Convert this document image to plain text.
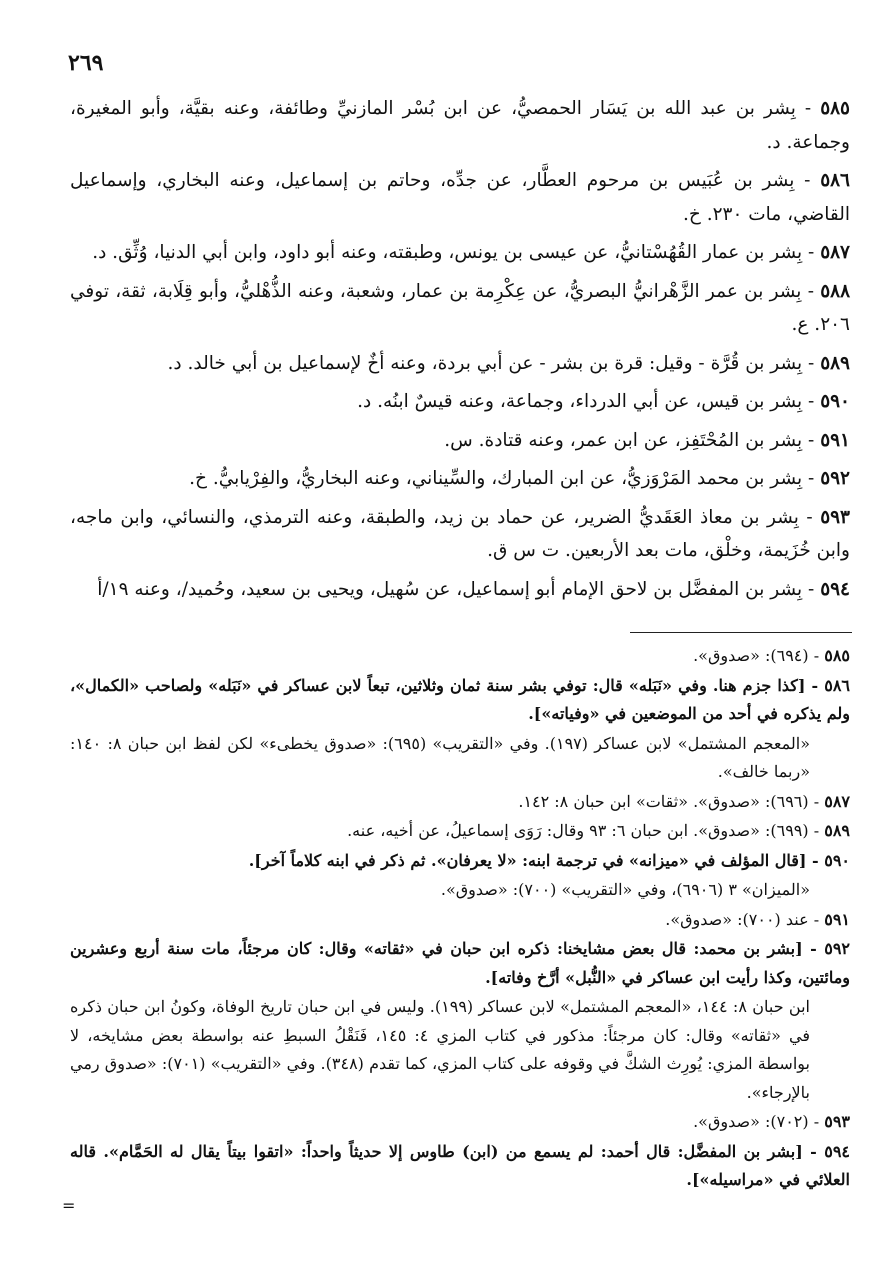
٢٦٩

٥٨٥ - بِشر بن عبد الله بن يَسَار الحمصيُّ، عن ابن بُسْر المازنيِّ وطائفة، وعنه بقيَّة، وأبو المغيرة، وجماعة. د.

٥٨٦ - بِشر بن عُبَيس بن مرحوم العطَّار، عن جدِّه، وحاتم بن إسماعيل، وعنه البخاري، وإسماعيل القاضي، مات ٢٣٠. خ.

٥٨٧ - بِشر بن عمار القُهُسْتانيُّ، عن عيسى بن يونس، وطبقته، وعنه أبو داود، وابن أبي الدنيا، وُثِّق. د.

٥٨٨ - بِشر بن عمر الزَّهْرانيُّ البصريُّ، عن عِكْرِمة بن عمار، وشعبة، وعنه الذُّهْليُّ، وأبو قِلَابة، ثقة، توفي ٢٠٦. ع.

٥٨٩ - بِشر بن قُرَّة - وقيل: قرة بن بشر - عن أبي بردة، وعنه أخٌ لإسماعيل بن أبي خالد. د.

٥٩٠ - بِشر بن قيس، عن أبي الدرداء، وجماعة، وعنه قيسٌ ابنُه. د.

٥٩١ - بِشر بن المُحْتَفِز، عن ابن عمر، وعنه قتادة. س.

٥٩٢ - بِشر بن محمد المَرْوَزيُّ، عن ابن المبارك، والسِّيناني، وعنه البخاريُّ، والفِرْيابيُّ. خ.

٥٩٣ - بِشر بن معاذ العَقَديُّ الضرير، عن حماد بن زيد، والطبقة، وعنه الترمذي، والنسائي، وابن ماجه، وابن خُزَيمة، وخلْق، مات بعد الأربعين. ت س ق.

٥٩٤ - بِشر بن المفضَّل بن لاحق الإمام أبو إسماعيل، عن سُهيل، ويحيى بن سعيد، وحُميد/، وعنه ١٩/أ

٥٨٥ - (٦٩٤): «صدوق».

٥٨٦ - [كذا جزم هنا. وفي «نَبَله» قال: توفي بشر سنة ثمان وثلاثين، تبعاً لابن عساكر في «نَبَله» ولصاحب «الكمال»، ولم يذكره في أحد من الموضعين في «وفياته»].

«المعجم المشتمل» لابن عساكر (١٩٧). وفي «التقريب» (٦٩٥): «صدوق يخطىء» لكن لفظ ابن حبان ٨: ١٤٠: «ربما خالف».

٥٨٧ - (٦٩٦): «صدوق». «ثقات» ابن حبان ٨: ١٤٢.

٥٨٩ - (٦٩٩): «صدوق». ابن حبان ٦: ٩٣ وقال: رَوَى إسماعيلُ، عن أخيه، عنه.

٥٩٠ - [قال المؤلف في «ميزانه» في ترجمة ابنه: «لا يعرفان». ثم ذكر في ابنه كلاماً آخر].

«الميزان» ٣ (٦٩٠٦)، وفي «التقريب» (٧٠٠): «صدوق».

٥٩١ - عند (٧٠٠): «صدوق».

٥٩٢ - [بشر بن محمد: قال بعض مشايخنا: ذكره ابن حبان في «ثقاته» وقال: كان مرجئاً، مات سنة أربع وعشرين ومائتين، وكذا رأيت ابن عساكر في «النُّبل» أرَّخ وفاته].

ابن حبان ٨: ١٤٤، «المعجم المشتمل» لابن عساكر (١٩٩). وليس في ابن حبان تاريخ الوفاة، وكونُ ابن حبان ذكره في «ثقاته» وقال: كان مرجئاً: مذكور في كتاب المزي ٤: ١٤٥، فَنَقْلُ السبطِ عنه بواسطة بعض مشايخه، لا بواسطة المزي: يُورِث الشكَّ في وقوفه على كتاب المزي، كما تقدم (٣٤٨). وفي «التقريب» (٧٠١): «صدوق رمي بالإرجاء».

٥٩٣ - (٧٠٢): «صدوق».

٥٩٤ - [بشر بن المفضَّل: قال أحمد: لم يسمع من (ابن) طاوس إلا حديثاً واحداً: «اتقوا بيتاً يقال له الحَمَّام». قاله العلائي في «مراسيله»].

=
